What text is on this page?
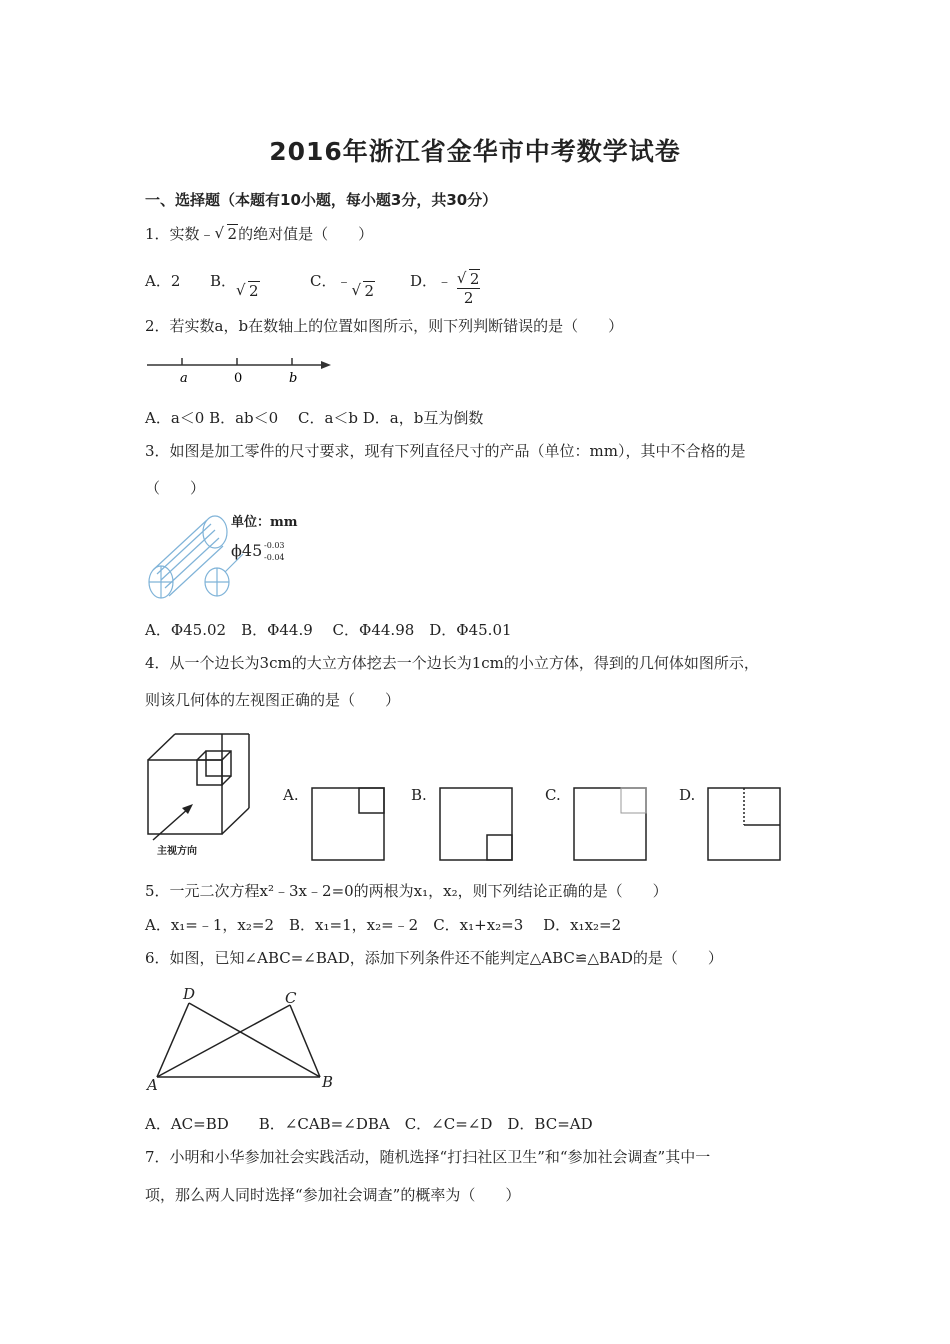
2016年浙江省金华市中考数学试卷
一、选择题（本题有10小题，每小题3分，共30分）
1．实数﹣ √ 2的绝对值是（　　）
A．2 B．√ 2
C．﹣√ 2
D．﹣ √ $\frac{2}{2}$
2．若实数a，b在数轴上的位置如图所示，则下列判断错误的是（　　）
a	0	b
A．a＜0 B．ab＜0　 C．a＜b D．a，b互为倒数
3．如图是加工零件的尺寸要求，现有下列直径尺寸的产品（单位：mm），其中不合格的是
（　　）
单位：mm
ϕ45 -0.03
-0.04
A．Φ45.02　B．Φ44.9　 C．Φ44.98　D．Φ45.01
4．从一个边长为3cm的大立方体挖去一个边长为1cm的小立方体，得到的几何体如图所示，
则该几何体的左视图正确的是（　　）
主视方向
A.	B.	C.	D.
5．一元二次方程x²﹣3x﹣2=0的两根为x₁，x₂，则下列结论正确的是（　　）
A．x₁=﹣1，x₂=2　B．x₁=1，x₂=﹣2　C．x₁+x₂=3　 D．x₁x₂=2
6．如图，已知∠ABC=∠BAD，添加下列条件还不能判定△ABC≌△BAD的是（　　）
D	C
A	B
A．AC=BD　　B．∠CAB=∠DBA　C．∠C=∠D　D．BC=AD
7．小明和小华参加社会实践活动，随机选择“打扫社区卫生”和“参加社会调查”其中一
项，那么两人同时选择“参加社会调查”的概率为（　　）
